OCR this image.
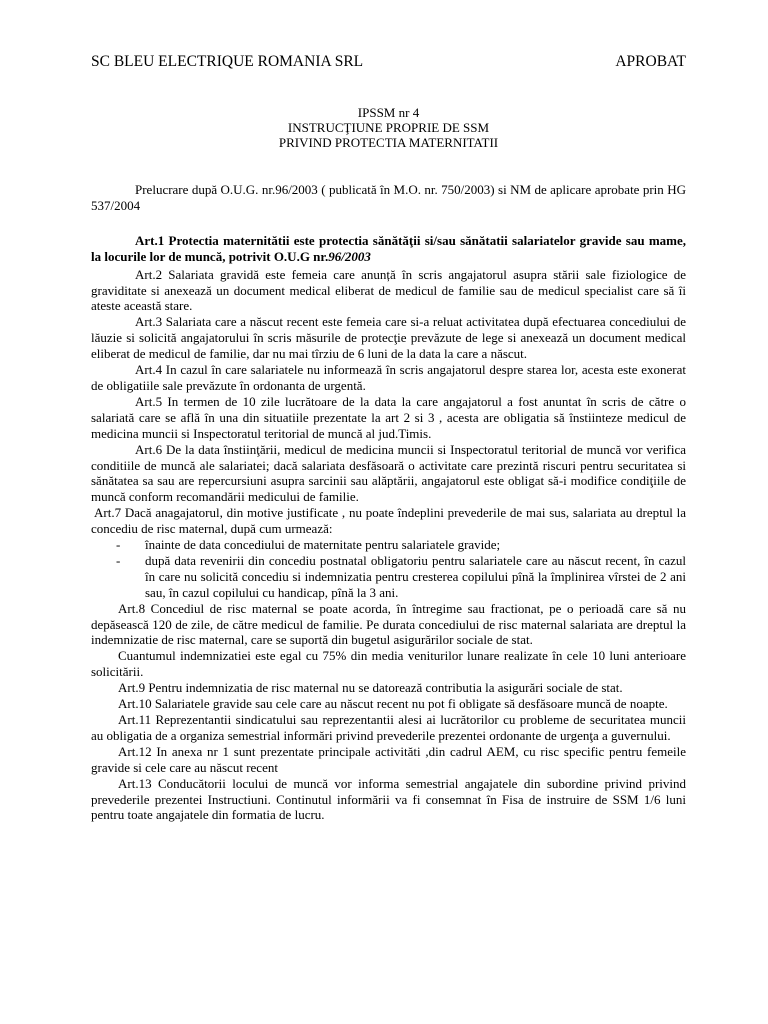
SC BLEU ELECTRIQUE ROMANIA SRL	APROBAT
IPSSM nr 4
INSTRUCŢIUNE PROPRIE DE SSM
PRIVIND PROTECTIA MATERNITATII
Prelucrare după O.U.G. nr.96/2003 ( publicată în M.O. nr. 750/2003) si NM de aplicare aprobate prin HG 537/2004
Art.1 Protectia maternitătii este protectia sănătăţii si/sau sănătatii salariatelor gravide sau mame, la locurile lor de muncă, potrivit O.U.G nr.96/2003
Art.2 Salariata gravidă este femeia care anunță în scris angajatorul asupra stării sale fiziologice de graviditate si anexează un document medical eliberat de medicul de familie sau de medicul specialist care să îi ateste această stare.
Art.3 Salariata care a născut recent este femeia care si-a reluat activitatea după efectuarea concediului de lăuzie si solicită angajatorului în scris măsurile de protecţie prevăzute de lege si anexează un document medical eliberat de medicul de familie, dar nu mai tîrziu de 6 luni de la data la care a născut.
Art.4 In cazul în care salariatele nu informează în scris angajatorul despre starea lor, acesta este exonerat de obligatiile sale prevăzute în ordonanta de urgentă.
Art.5 In termen de 10 zile lucrătoare de la data la care angajatorul a fost anuntat în scris de către o salariată care se află în una din situatiile prezentate la art 2 si 3 , acesta are obligatia să înstiinteze medicul de medicina muncii si Inspectoratul teritorial de muncă al jud.Timis.
Art.6 De la data înstiinţării, medicul de medicina muncii si Inspectoratul teritorial de muncă vor verifica conditiile de muncă ale salariatei; dacă salariata desfăsoară o activitate care prezintă riscuri pentru securitatea si sănătatea sa sau are repercursiuni asupra sarcinii sau alăptării, angajatorul este obligat să-i modifice condiţiile de muncă conform recomandării medicului de familie.
Art.7 Dacă anagajatorul, din motive justificate , nu poate îndeplini prevederile de mai sus, salariata au dreptul la concediu de risc maternal, după cum urmează:
- înainte de data concediului de maternitate pentru salariatele gravide;
- după data revenirii din concediu postnatal obligatoriu pentru salariatele care au născut recent, în cazul în care nu solicită concediu si indemnizatia pentru cresterea copilului pînă la împlinirea vîrstei de 2 ani sau, în cazul copilului cu handicap, pînă la 3 ani.
Art.8 Concediul de risc maternal se poate acorda, în întregime sau fractionat, pe o perioadă care să nu depăsească 120 de zile, de către medicul de familie. Pe durata concediului de risc maternal salariata are dreptul la indemnizatie de risc maternal, care se suportă din bugetul asigurărilor sociale de stat.
Cuantumul indemnizatiei este egal cu 75% din media veniturilor lunare realizate în cele 10 luni anterioare solicitării.
Art.9 Pentru indemnizatia de risc maternal nu se datorează contributia la asigurări sociale de stat.
Art.10 Salariatele gravide sau cele care au născut recent nu pot fi obligate să desfăsoare muncă de noapte.
Art.11 Reprezentantii sindicatului sau reprezentantii alesi ai lucrătorilor cu probleme de securitatea muncii au obligatia de a organiza semestrial informări privind prevederile prezentei ordonante de urgenţa a guvernului.
Art.12 In anexa nr 1 sunt prezentate principale activităti ,din cadrul AEM, cu risc specific pentru femeile gravide si cele care au născut recent
Art.13 Conducătorii locului de muncă vor informa semestrial angajatele din subordine privind privind prevederile prezentei Instructiuni. Continutul informării va fi consemnat în Fisa de instruire de SSM 1/6 luni pentru toate angajatele din formatia de lucru.
